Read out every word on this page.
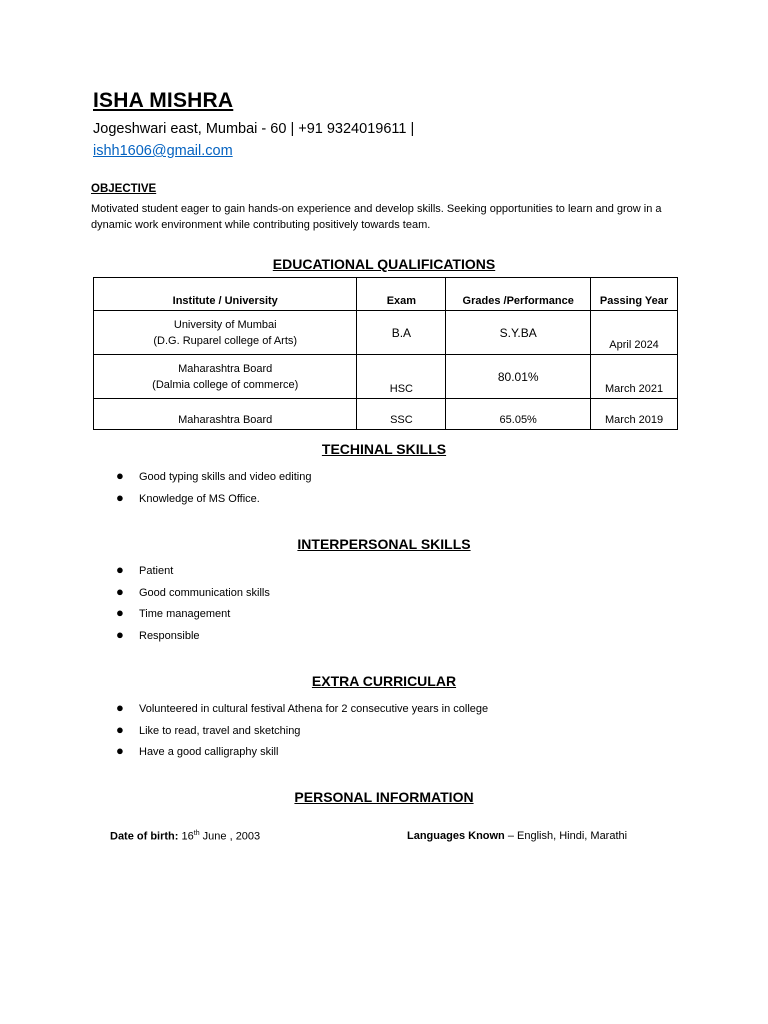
ISHA MISHRA
Jogeshwari east, Mumbai - 60 | +91 9324019611 |
ishh1606@gmail.com
OBJECTIVE
Motivated student eager to gain hands-on experience and develop skills. Seeking opportunities to learn and grow in a dynamic work environment while contributing positively towards team.
EDUCATIONAL QUALIFICATIONS
Institute / University	Exam	Grades /Performance	Passing Year

University of Mumbai
(D.G. Ruparel college of Arts)	B.A	S.Y.BA	April 2024

Maharashtra Board
(Dalmia college of commerce)	HSC	80.01%	March 2021
Maharashtra Board	SSC	65.05%	March 2019
TECHINAL SKILLS
●	Good typing skills and video editing
●	Knowledge of MS Office.
INTERPERSONAL SKILLS
●	Patient
●	Good communication skills
●	Time management
●	Responsible
EXTRA CURRICULAR
●	Volunteered in cultural festival Athena for 2 consecutive years in college
●	Like to read, travel and sketching
●	Have a good calligraphy skill
PERSONAL INFORMATION
Date of birth: 16th June , 2003	Languages Known – English, Hindi, Marathi
